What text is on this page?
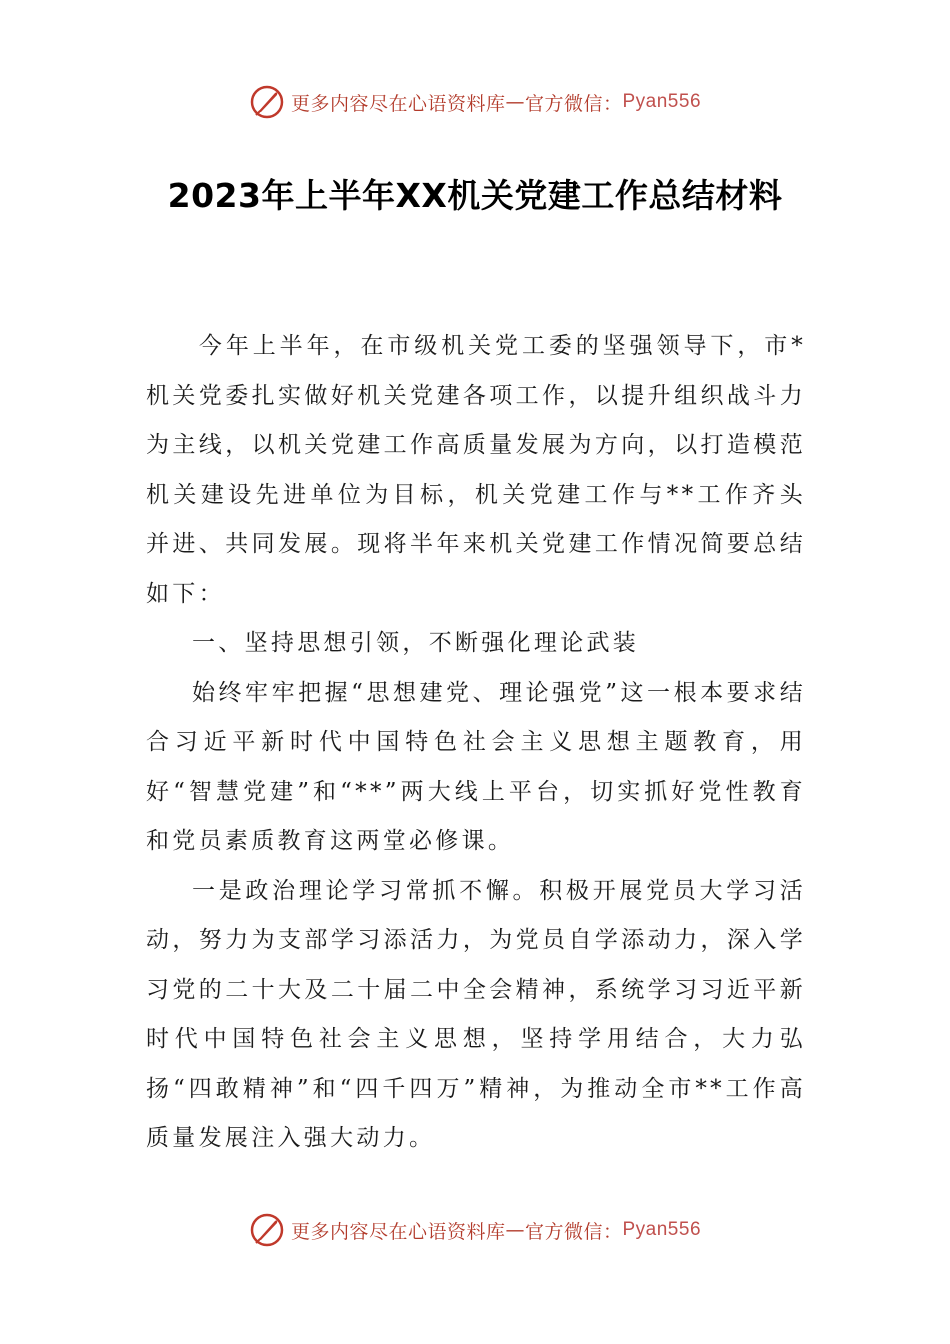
更多内容尽在心语资料库 — 官方微信： Pyan556
2023年上半年XX机关党建工作总结材料

今年上半年，在市级机关党工委的坚强领导下，市*机关党委扎实做好机关党建各项工作，以提升组织战斗力为主线，以机关党建工作高质量发展为方向，以打造模范机关建设先进单位为目标，机关党建工作与**工作齐头并进、共同发展。现将半年来机关党建工作情况简要总结如下：

一、坚持思想引领，不断强化理论武装

始终牢牢把握“思想建党、理论强党”这一根本要求结合习近平新时代中国特色社会主义思想主题教育，用好“智慧党建”和“**”两大线上平台，切实抓好党性教育和党员素质教育这两堂必修课。

一是政治理论学习常抓不懈。积极开展党员大学习活动，努力为支部学习添活力，为党员自学添动力，深入学习党的二十大及二十届二中全会精神，系统学习习近平新时代中国特色社会主义思想，坚持学用结合，大力弘扬“四敢精神”和“四千四万”精神，为推动全市**工作高质量发展注入强大动力。

更多内容尽在心语资料库 — 官方微信： Pyan556
